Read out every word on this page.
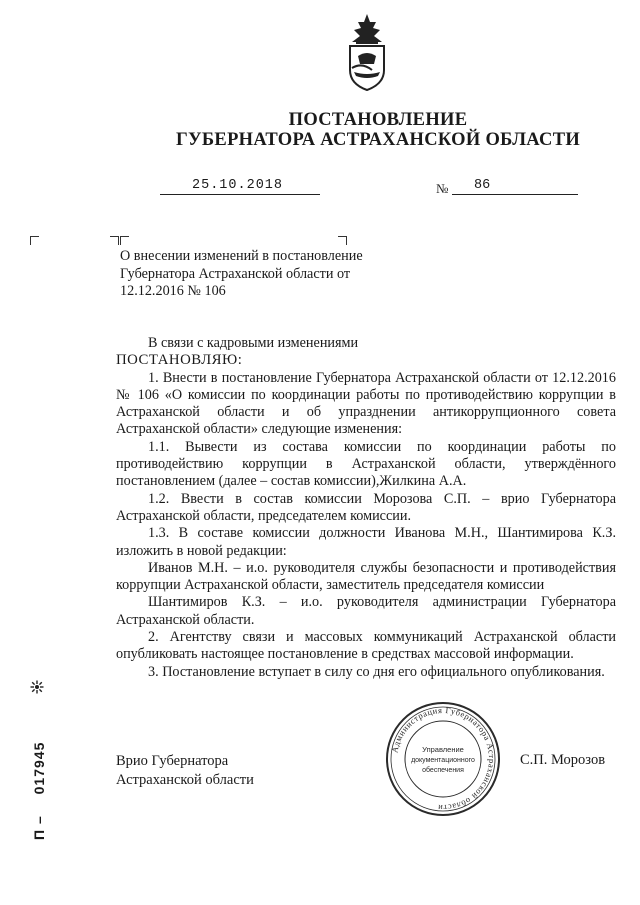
ПОСТАНОВЛЕНИЕ
ГУБЕРНАТОРА АСТРАХАНСКОЙ ОБЛАСТИ
25.10.2018	№ 86
О внесении изменений в постановление Губернатора Астраханской области от 12.12.2016 № 106

В связи с кадровыми изменениями

ПОСТАНОВЛЯЮ:

1. Внести в постановление Губернатора Астраханской области от 12.12.2016 № 106 «О комиссии по координации работы по противодействию коррупции в Астраханской области и об упразднении антикоррупционного совета Астраханской области» следующие изменения:

1.1. Вывести из состава комиссии по координации работы по противодействию коррупции в Астраханской области, утверждённого постановлением (далее – состав комиссии),Жилкина А.А.

1.2. Ввести в состав комиссии Морозова С.П. – врио Губернатора Астраханской области, председателем комиссии.

1.3. В составе комиссии должности Иванова М.Н., Шантимирова К.З. изложить в новой редакции:

Иванов М.Н. – и.о. руководителя службы безопасности и противодействия коррупции Астраханской области, заместитель председателя комиссии

Шантимиров К.З. – и.о. руководителя администрации Губернатора Астраханской области.

2. Агентству связи и массовых коммуникаций Астраханской области опубликовать настоящее постановление в средствах массовой информации.

3. Постановление вступает в силу со дня его официального опубликования.

Врио Губернатора
Астраханской области
С.П. Морозов
Администрация Губернатора Астраханской области
Управление
документационного
обеспечения
П – 017945
